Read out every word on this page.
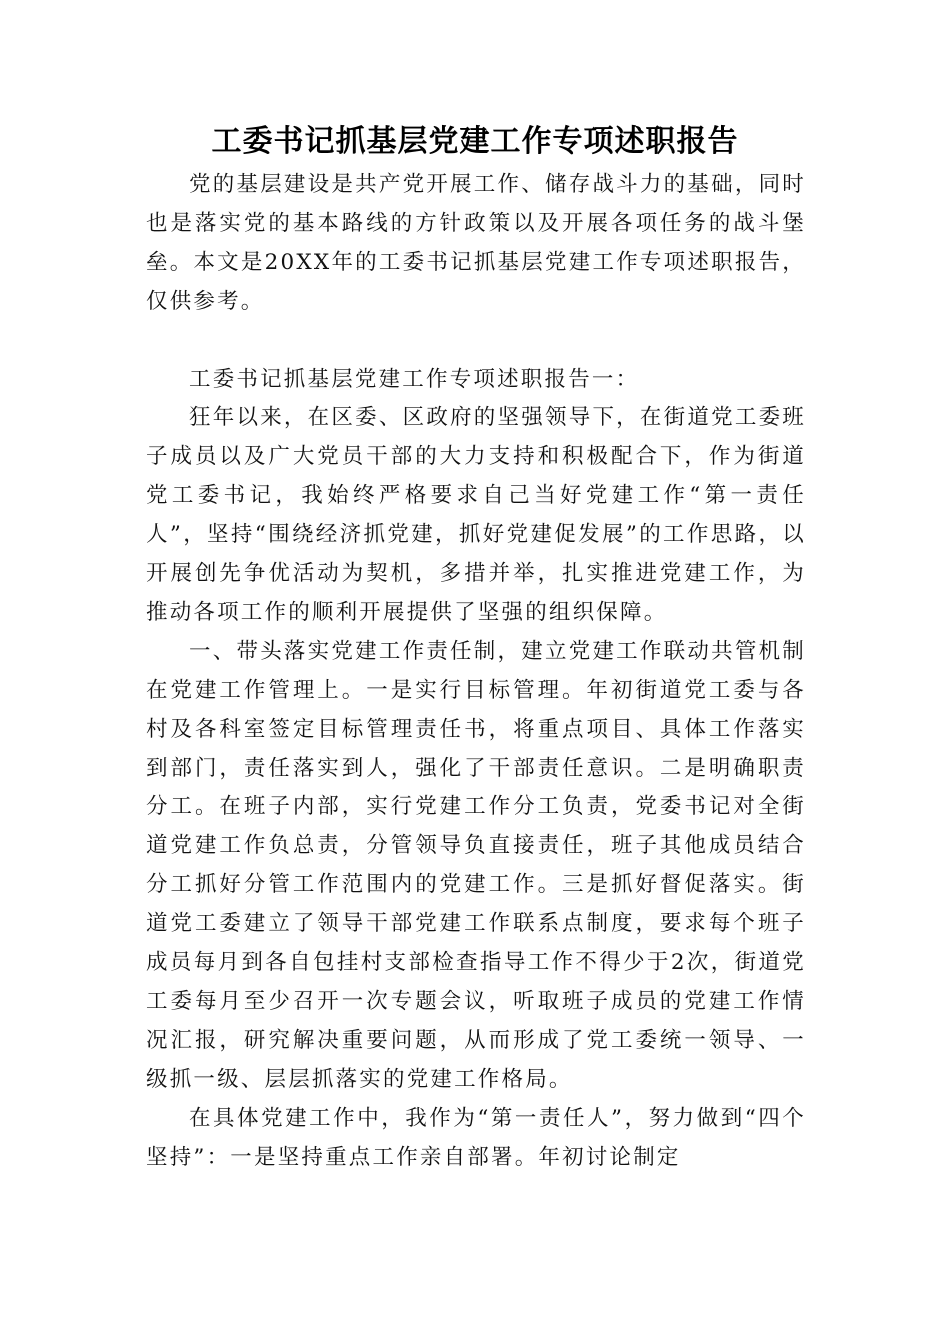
工委书记抓基层党建工作专项述职报告

党的基层建设是共产党开展工作、储存战斗力的基础，同时也是落实党的基本路线的方针政策以及开展各项任务的战斗堡垒。本文是20XX年的工委书记抓基层党建工作专项述职报告，仅供参考。

工委书记抓基层党建工作专项述职报告一：

狂年以来，在区委、区政府的坚强领导下，在街道党工委班子成员以及广大党员干部的大力支持和积极配合下，作为街道党工委书记，我始终严格要求自己当好党建工作“第一责任人”，坚持“围绕经济抓党建，抓好党建促发展”的工作思路，以开展创先争优活动为契机，多措并举，扎实推进党建工作，为推动各项工作的顺利开展提供了坚强的组织保障。

一、带头落实党建工作责任制，建立党建工作联动共管机制　在党建工作管理上。一是实行目标管理。年初街道党工委与各村及各科室签定目标管理责任书，将重点项目、具体工作落实到部门，责任落实到人，强化了干部责任意识。二是明确职责分工。在班子内部，实行党建工作分工负责，党委书记对全街道党建工作负总责，分管领导负直接责任，班子其他成员结合分工抓好分管工作范围内的党建工作。三是抓好督促落实。街道党工委建立了领导干部党建工作联系点制度，要求每个班子成员每月到各自包挂村支部检查指导工作不得少于2次，街道党工委每月至少召开一次专题会议，听取班子成员的党建工作情况汇报，研究解决重要问题，从而形成了党工委统一领导、一级抓一级、层层抓落实的党建工作格局。

在具体党建工作中，我作为“第一责任人”，努力做到“四个坚持”：一是坚持重点工作亲自部署。年初讨论制定
